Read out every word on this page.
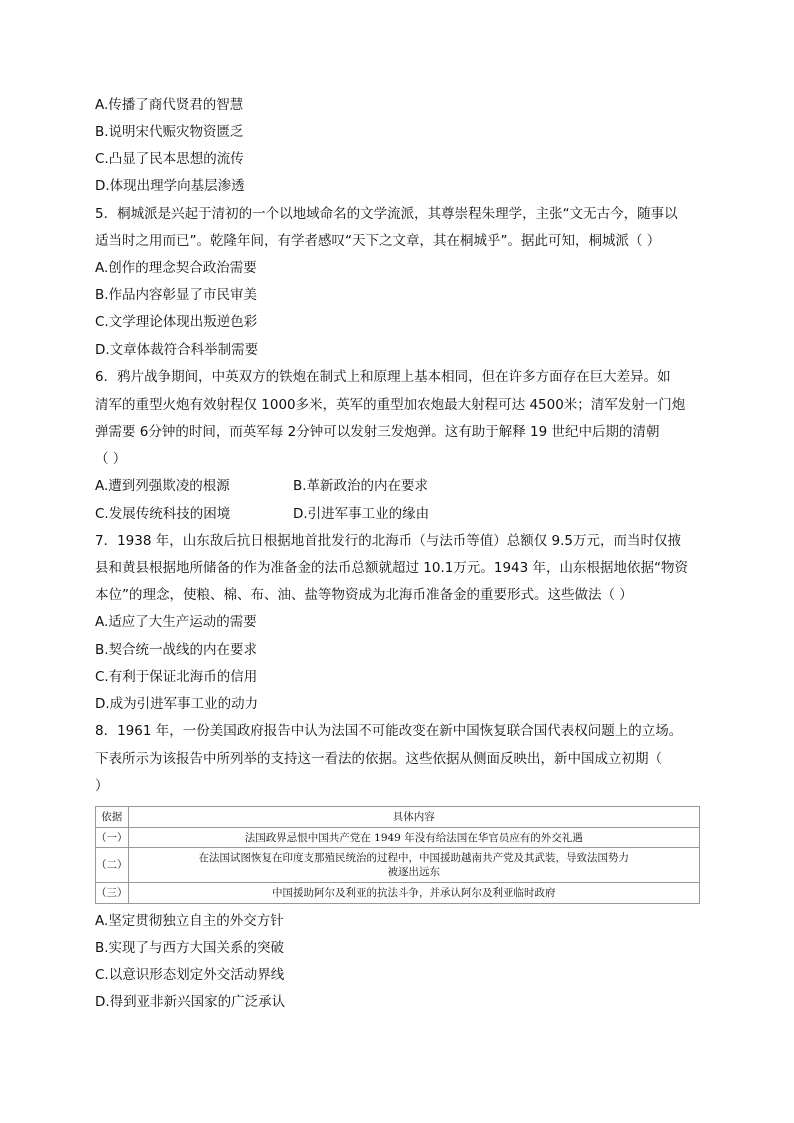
A.传播了商代贤君的智慧
B.说明宋代赈灾物资匮乏
C.凸显了民本思想的流传
D.体现出理学向基层渗透
5．桐城派是兴起于清初的一个以地域命名的文学流派，其尊崇程朱理学，主张“文无古今，随事以
适当时之用而已”。乾隆年间，有学者感叹“天下之文章，其在桐城乎”。据此可知，桐城派（ ）
A.创作的理念契合政治需要
B.作品内容彰显了市民审美
C.文学理论体现出叛逆色彩
D.文章体裁符合科举制需要
6．鸦片战争期间，中英双方的铁炮在制式上和原理上基本相同，但在许多方面存在巨大差异。如
清军的重型火炮有效射程仅 1000多米，英军的重型加农炮最大射程可达 4500米；清军发射一门炮
弹需要 6分钟的时间，而英军每 2分钟可以发射三发炮弹。这有助于解释 19 世纪中后期的清朝
（ ）
A.遭到列强欺凌的根源	B.革新政治的内在要求
C.发展传统科技的困境	D.引进军事工业的缘由
7．1938 年，山东敌后抗日根据地首批发行的北海币（与法币等值）总额仅 9.5万元，而当时仅掖
县和黄县根据地所储备的作为准备金的法币总额就超过 10.1万元。1943 年，山东根据地依据“物资
本位”的理念，使粮、棉、布、油、盐等物资成为北海币准备金的重要形式。这些做法（ ）
A.适应了大生产运动的需要
B.契合统一战线的内在要求
C.有利于保证北海币的信用
D.成为引进军事工业的动力
8．1961 年，一份美国政府报告中认为法国不可能改变在新中国恢复联合国代表权问题上的立场。
下表所示为该报告中所列举的支持这一看法的依据。这些依据从侧面反映出，新中国成立初期（
）
依据	具体内容
（一）	法国政界忌恨中国共产党在 1949 年没有给法国在华官员应有的外交礼遇
（二）	在法国试图恢复在印度支那殖民统治的过程中，中国援助越南共产党及其武装，导致法国势力
被逐出远东

（三）	中国援助阿尔及利亚的抗法斗争，并承认阿尔及利亚临时政府
A.坚定贯彻独立自主的外交方针
B.实现了与西方大国关系的突破
C.以意识形态划定外交活动界线
D.得到亚非新兴国家的广泛承认
